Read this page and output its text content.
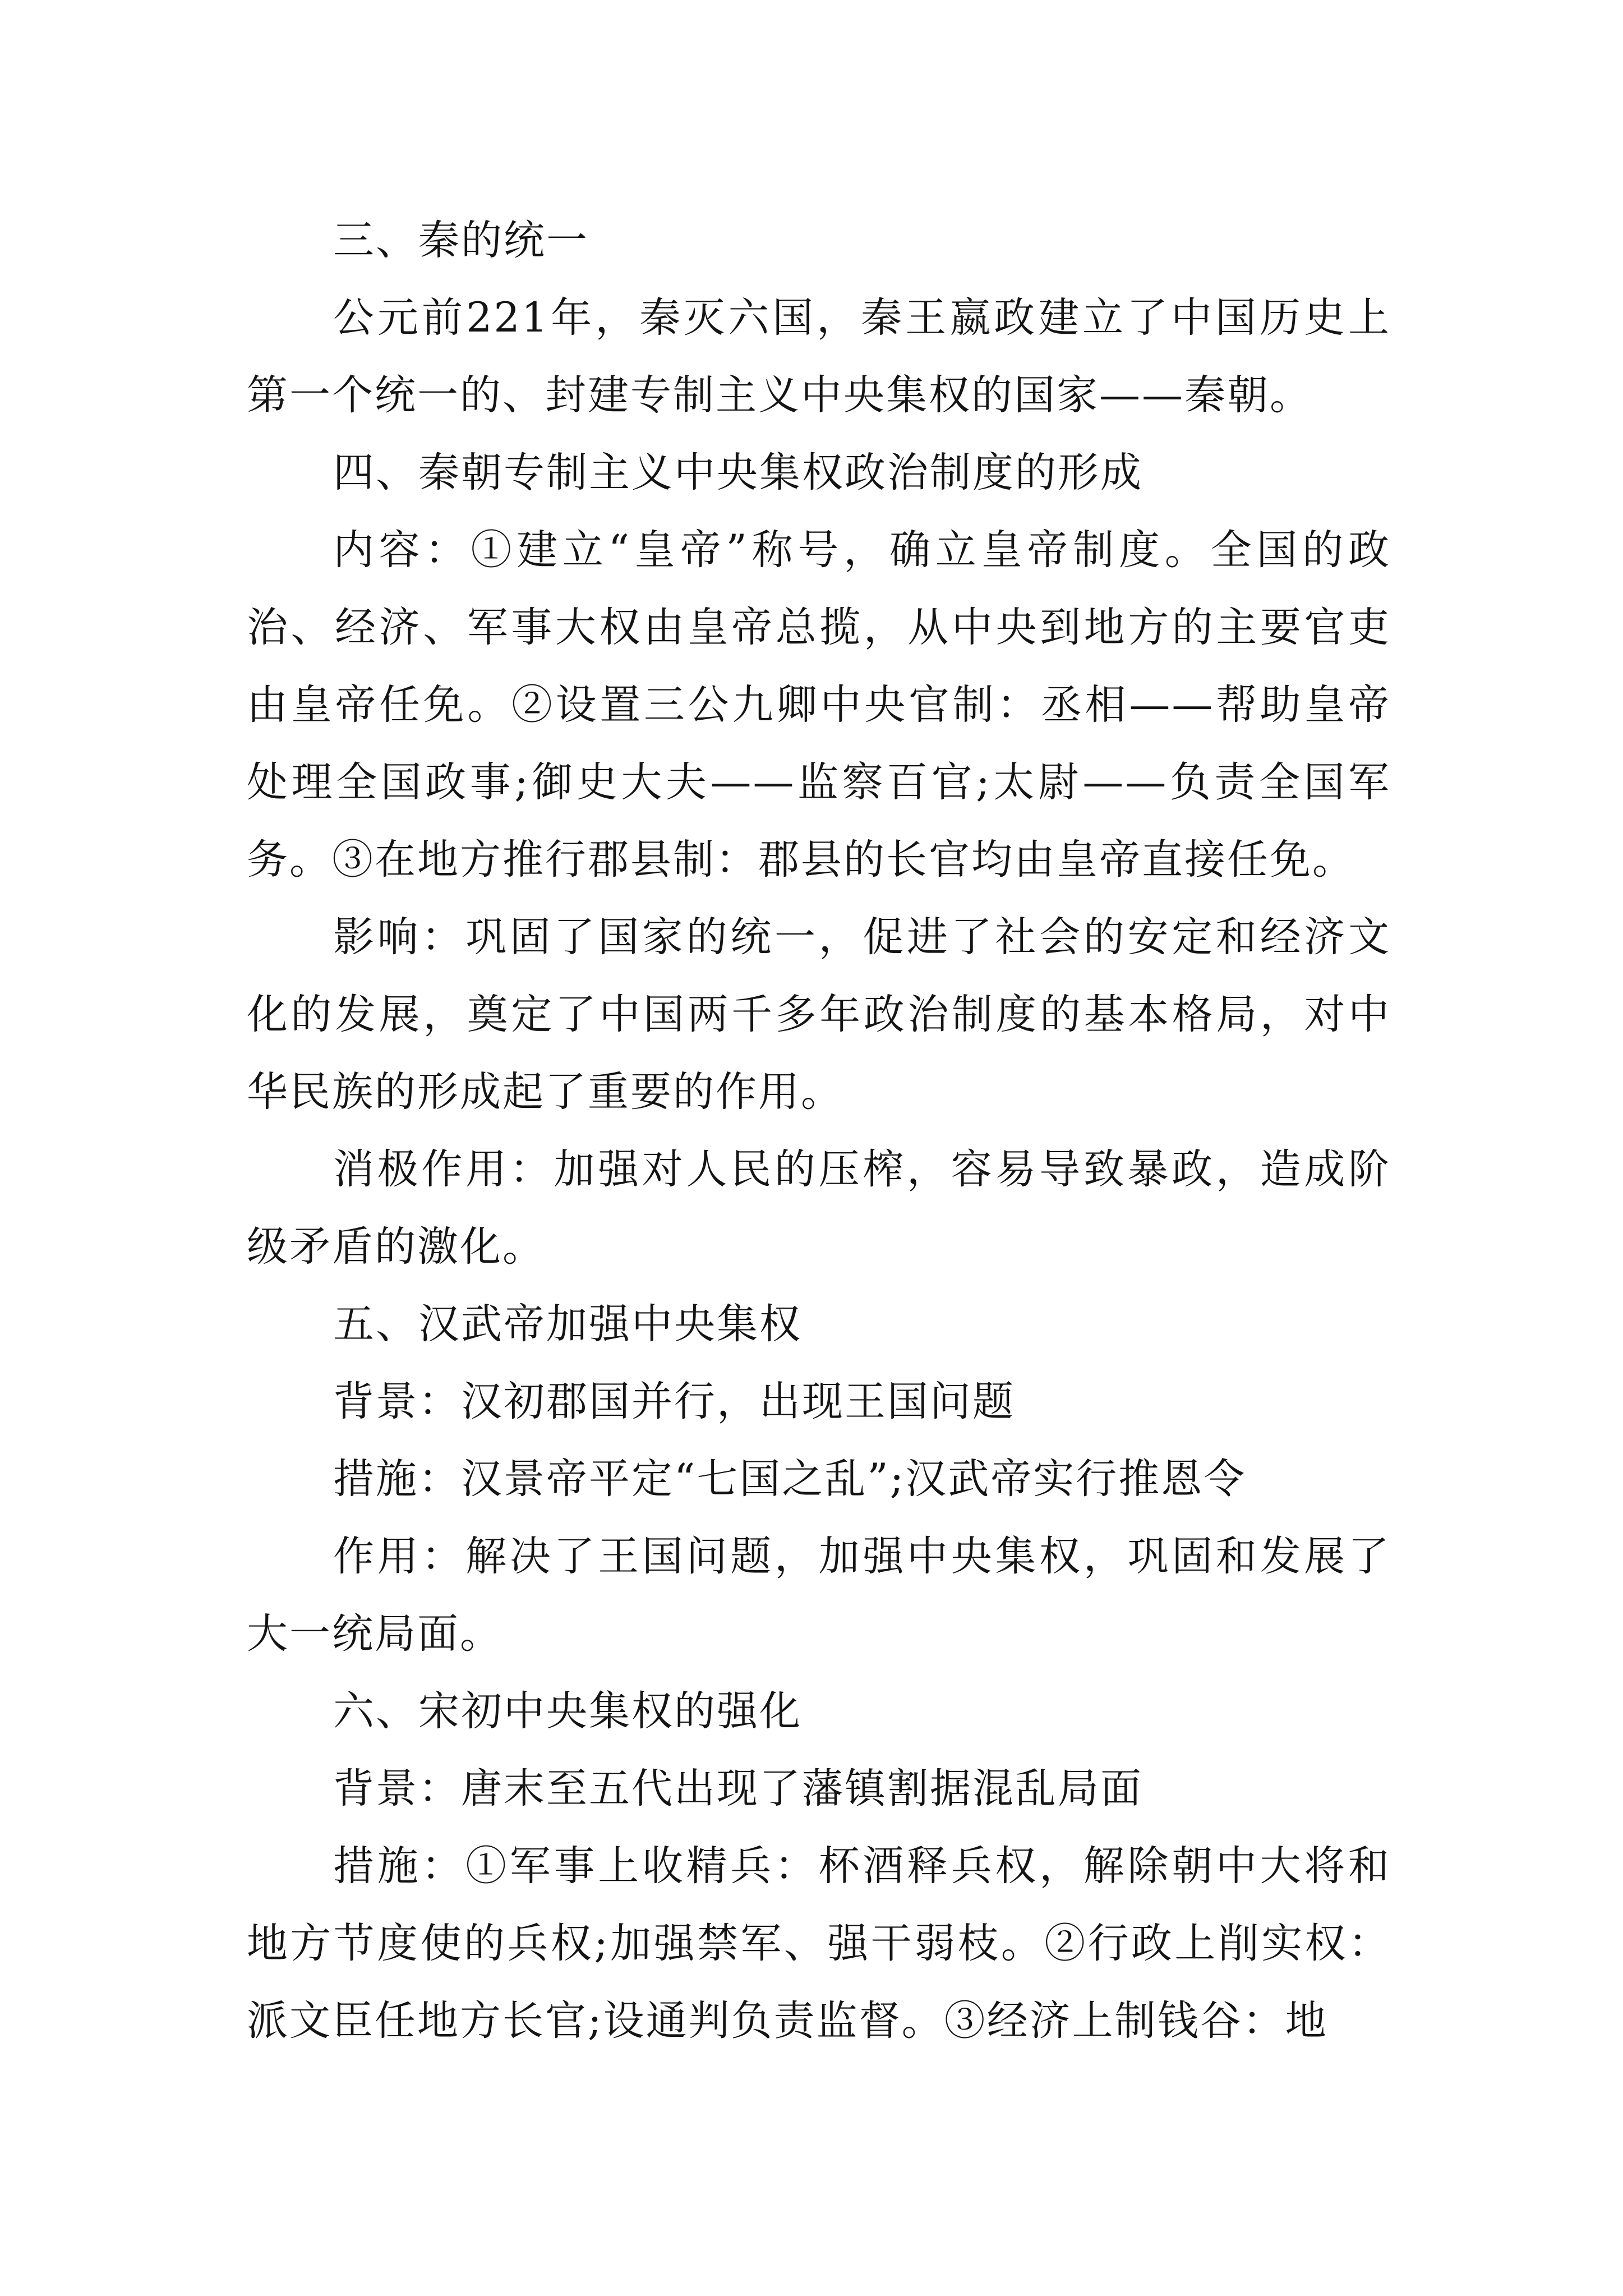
三、秦的统一

公元前221年，秦灭六国，秦王嬴政建立了中国历史上第一个统一的、封建专制主义中央集权的国家——秦朝。

四、秦朝专制主义中央集权政治制度的形成

内容：①建立“皇帝”称号，确立皇帝制度。全国的政治、经济、军事大权由皇帝总揽，从中央到地方的主要官吏由皇帝任免。②设置三公九卿中央官制：丞相——帮助皇帝处理全国政事;御史大夫——监察百官;太尉——负责全国军务。③在地方推行郡县制：郡县的长官均由皇帝直接任免。

影响：巩固了国家的统一，促进了社会的安定和经济文化的发展，奠定了中国两千多年政治制度的基本格局，对中华民族的形成起了重要的作用。

消极作用：加强对人民的压榨，容易导致暴政，造成阶级矛盾的激化。

五、汉武帝加强中央集权

背景：汉初郡国并行，出现王国问题

措施：汉景帝平定“七国之乱”;汉武帝实行推恩令

作用：解决了王国问题，加强中央集权，巩固和发展了大一统局面。

六、宋初中央集权的强化

背景：唐末至五代出现了藩镇割据混乱局面

措施：①军事上收精兵：杯酒释兵权，解除朝中大将和地方节度使的兵权;加强禁军、强干弱枝。②行政上削实权：派文臣任地方长官;设通判负责监督。③经济上制钱谷：地
